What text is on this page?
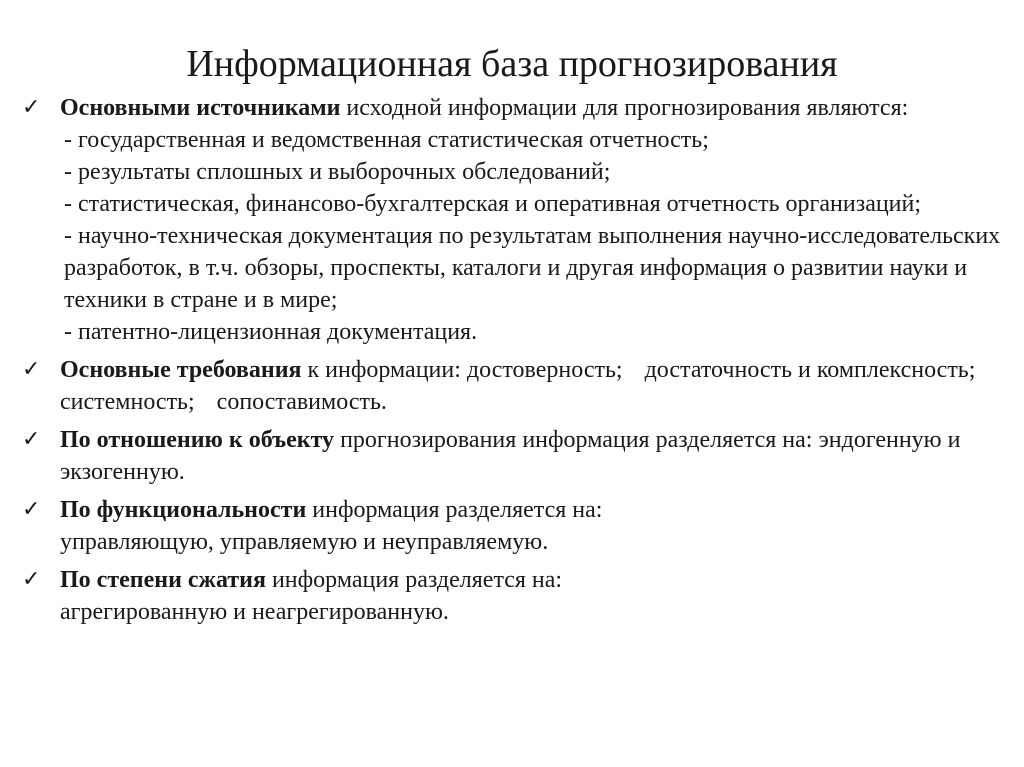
Информационная база прогнозирования
✓ Основными источниками исходной информации для прогнозирования являются:
- государственная и ведомственная статистическая отчетность;
- результаты сплошных и выборочных обследований;
- статистическая, финансово-бухгалтерская и оперативная отчетность организаций;
- научно-техническая документация по результатам выполнения научно-исследовательских разработок, в т.ч. обзоры, проспекты, каталоги и другая информация о развитии науки и техники в стране и в мире;
- патентно-лицензионная документация.
✓ Основные требования к информации: достоверность; достаточность и комплексность;системность; сопоставимость.
✓ По отношению к объекту прогнозирования информация разделяется на: эндогенную и экзогенную.
✓ По функциональности информация разделяется на:
управляющую, управляемую и неуправляемую.
✓ По степени сжатия информация разделяется на:
агрегированную и неагрегированную.
